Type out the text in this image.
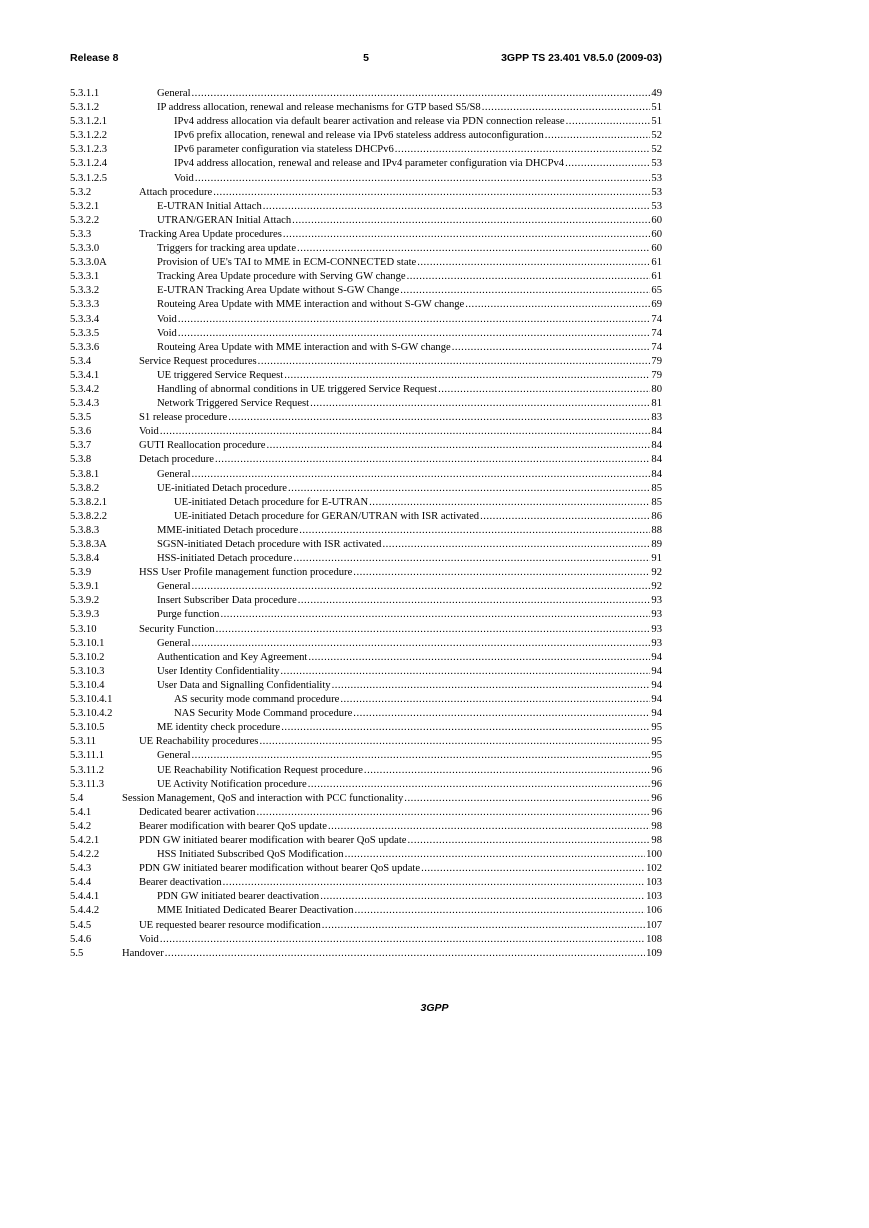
Release 8	5	3GPP TS 23.401 V8.5.0 (2009-03)
5.3.1.1	General .....	49
5.3.1.2	IP address allocation, renewal and release mechanisms for GTP based S5/S8 .....	51
5.3.1.2.1	IPv4 address allocation via default bearer activation and release via PDN connection release .....	51
5.3.1.2.2	IPv6 prefix allocation, renewal and release via IPv6 stateless address autoconfiguration .....	52
5.3.1.2.3	IPv6 parameter configuration via stateless DHCPv6 .....	52
5.3.1.2.4	IPv4 address allocation, renewal and release and IPv4 parameter configuration via DHCPv4 .....	53
5.3.1.2.5	Void .....	53
5.3.2	Attach procedure .....	53
5.3.2.1	E-UTRAN Initial Attach .....	53
5.3.2.2	UTRAN/GERAN Initial Attach .....	60
5.3.3	Tracking Area Update procedures .....	60
5.3.3.0	Triggers for tracking area update .....	60
5.3.3.0A	Provision of UE's TAI to MME in ECM-CONNECTED state .....	61
5.3.3.1	Tracking Area Update procedure with Serving GW change .....	61
5.3.3.2	E-UTRAN Tracking Area Update without S-GW Change .....	65
5.3.3.3	Routeing Area Update with MME interaction and without S-GW change .....	69
5.3.3.4	Void .....	74
5.3.3.5	Void .....	74
5.3.3.6	Routeing Area Update with MME interaction and with S-GW change .....	74
5.3.4	Service Request procedures .....	79
5.3.4.1	UE triggered Service Request .....	79
5.3.4.2	Handling of abnormal conditions in UE triggered Service Request .....	80
5.3.4.3	Network Triggered Service Request .....	81
5.3.5	S1 release procedure .....	83
5.3.6	Void .....	84
5.3.7	GUTI Reallocation procedure .....	84
5.3.8	Detach procedure .....	84
5.3.8.1	General .....	84
5.3.8.2	UE-initiated Detach procedure .....	85
5.3.8.2.1	UE-initiated Detach procedure for E-UTRAN .....	85
5.3.8.2.2	UE-initiated Detach procedure for GERAN/UTRAN with ISR activated .....	86
5.3.8.3	MME-initiated Detach procedure .....	88
5.3.8.3A	SGSN-initiated Detach procedure with ISR activated .....	89
5.3.8.4	HSS-initiated Detach procedure .....	91
5.3.9	HSS User Profile management function procedure .....	92
5.3.9.1	General .....	92
5.3.9.2	Insert Subscriber Data procedure .....	93
5.3.9.3	Purge function .....	93
5.3.10	Security Function .....	93
5.3.10.1	General .....	93
5.3.10.2	Authentication and Key Agreement .....	94
5.3.10.3	User Identity Confidentiality .....	94
5.3.10.4	User Data and Signalling Confidentiality .....	94
5.3.10.4.1	AS security mode command procedure .....	94
5.3.10.4.2	NAS Security Mode Command procedure .....	94
5.3.10.5	ME identity check procedure .....	95
5.3.11	UE Reachability procedures .....	95
5.3.11.1	General .....	95
5.3.11.2	UE Reachability Notification Request procedure .....	96
5.3.11.3	UE Activity Notification procedure .....	96
5.4	Session Management, QoS and interaction with PCC functionality .....	96
5.4.1	Dedicated bearer activation .....	96
5.4.2	Bearer modification with bearer QoS update .....	98
5.4.2.1	PDN GW initiated bearer modification with bearer QoS update .....	98
5.4.2.2	HSS Initiated Subscribed QoS Modification .....	100
5.4.3	PDN GW initiated bearer modification without bearer QoS update .....	102
5.4.4	Bearer deactivation .....	103
5.4.4.1	PDN GW initiated bearer deactivation .....	103
5.4.4.2	MME Initiated Dedicated Bearer Deactivation .....	106
5.4.5	UE requested bearer resource modification .....	107
5.4.6	Void .....	108
5.5	Handover .....	109
3GPP
